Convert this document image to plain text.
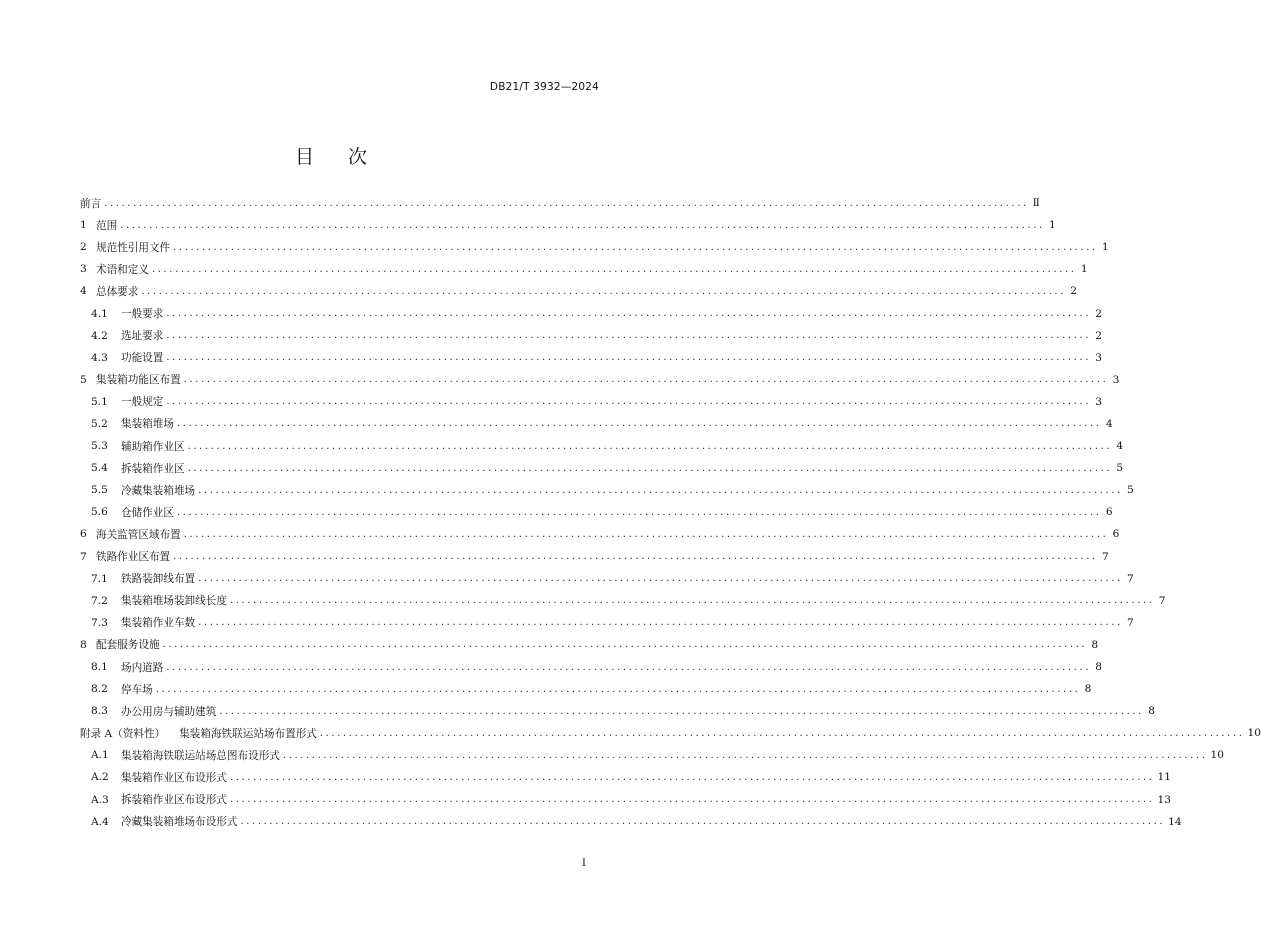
DB21/T 3932—2024
目 次
前言 ................................................................................................................................................................ Ⅱ
1 范围 ................................................................................................................................................................ 1
2 规范性引用文件 ................................................................................................................................................................ 1
3 术语和定义 ................................................................................................................................................................ 1
4 总体要求 ................................................................................................................................................................ 2
4.1	一般要求 ................................................................................................................................................................ 2
4.2	选址要求 ................................................................................................................................................................ 2
4.3	功能设置 ................................................................................................................................................................ 3
5 集装箱功能区布置 ................................................................................................................................................................ 3
5.1	一般规定 ................................................................................................................................................................ 3
5.2	集装箱堆场 ................................................................................................................................................................ 4
5.3	辅助箱作业区 ................................................................................................................................................................ 4
5.4	拆装箱作业区 ................................................................................................................................................................ 5
5.5	冷藏集装箱堆场 ................................................................................................................................................................ 5
5.6	仓储作业区 ................................................................................................................................................................ 6
6 海关监管区域布置 ................................................................................................................................................................ 6
7 铁路作业区布置 ................................................................................................................................................................ 7
7.1	铁路装卸线布置 ................................................................................................................................................................ 7
7.2	集装箱堆场装卸线长度 ................................................................................................................................................................ 7
7.3	集装箱作业车数 ................................................................................................................................................................ 7
8 配套服务设施 ................................................................................................................................................................ 8
8.1	场内道路 ................................................................................................................................................................ 8
8.2	停车场 ................................................................................................................................................................ 8
8.3	办公用房与辅助建筑 ................................................................................................................................................................ 8
附录 A（资料性） 集装箱海铁联运站场布置形式 ................................................................................................................................................................ 10
A.1	集装箱海铁联运站场总图布设形式 ................................................................................................................................................................ 10
A.2	集装箱作业区布设形式 ................................................................................................................................................................ 11
A.3	拆装箱作业区布设形式 ................................................................................................................................................................ 13
A.4	冷藏集装箱堆场布设形式 ................................................................................................................................................................ 14
I
